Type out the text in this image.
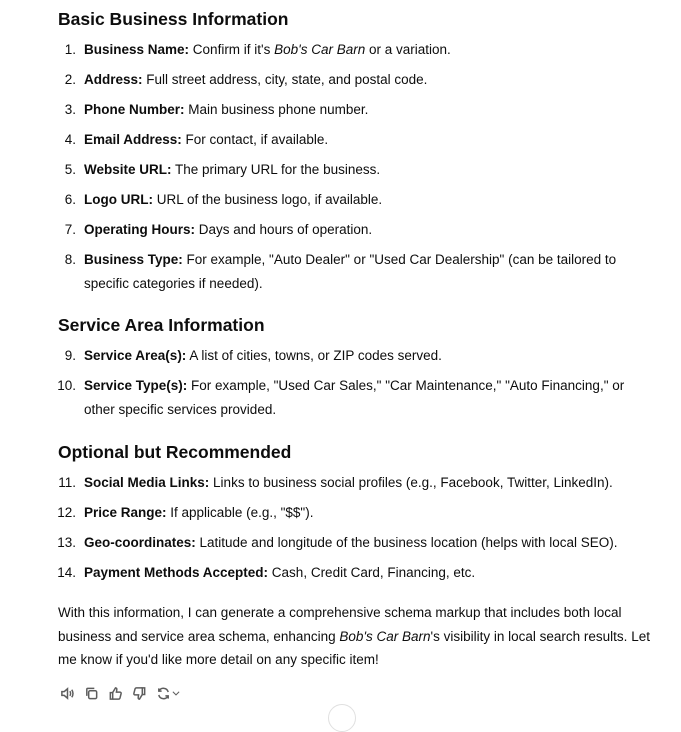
Basic Business Information
1. Business Name: Confirm if it's Bob's Car Barn or a variation.
2. Address: Full street address, city, state, and postal code.
3. Phone Number: Main business phone number.
4. Email Address: For contact, if available.
5. Website URL: The primary URL for the business.
6. Logo URL: URL of the business logo, if available.
7. Operating Hours: Days and hours of operation.
8. Business Type: For example, "Auto Dealer" or "Used Car Dealership" (can be tailored to specific categories if needed).
Service Area Information
9. Service Area(s): A list of cities, towns, or ZIP codes served.
10. Service Type(s): For example, "Used Car Sales," "Car Maintenance," "Auto Financing," or other specific services provided.
Optional but Recommended
11. Social Media Links: Links to business social profiles (e.g., Facebook, Twitter, LinkedIn).
12. Price Range: If applicable (e.g., "$$").
13. Geo-coordinates: Latitude and longitude of the business location (helps with local SEO).
14. Payment Methods Accepted: Cash, Credit Card, Financing, etc.

With this information, I can generate a comprehensive schema markup that includes both local business and service area schema, enhancing Bob's Car Barn's visibility in local search results. Let me know if you'd like more detail on any specific item!
